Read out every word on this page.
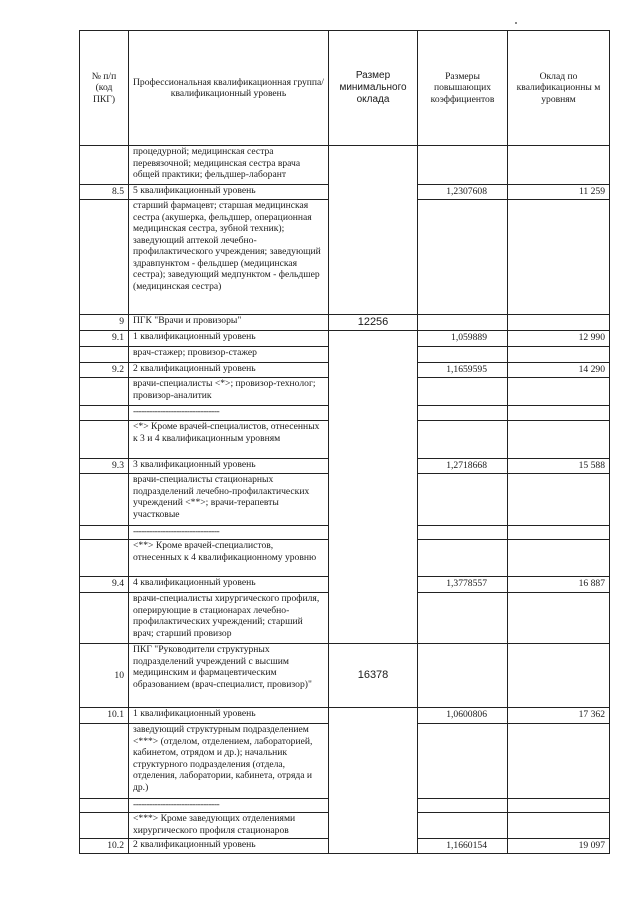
№ п/п (код ПКГ)	Профессиональная квалификационная группа/квалификационный уровень	Размер минимального оклада	Размеры повышающих коэффициентов	Оклад по квалификационны м уровням
	процедурной; медицинская сестра перевязочной; медицинская сестра врача общей практики; фельдшер-лаборант			
8.5	5 квалификационный уровень		1,2307608	11 259
	старший фармацевт; старшая медицинская сестра (акушерка, фельдшер, операционная медицинская сестра, зубной техник); заведующий аптекой лечебно-профилактического учреждения; заведующий здравпунктом - фельдшер (медицинская сестра); заведующий медпунктом - фельдшер (медицинская сестра)			
9	ПГК "Врачи и провизоры"	12256		
9.1	1 квалификационный уровень		1,059889	12 990
	врач-стажер; провизор-стажер			
9.2	2 квалификационный уровень		1,1659595	14 290
	врачи-специалисты <*>; провизор-технолог; провизор-аналитик			
	--------------------------------			
	<*> Кроме врачей-специалистов, отнесенных к 3 и 4 квалификационным уровням			
9.3	3 квалификационный уровень		1,2718668	15 588
	врачи-специалисты стационарных подразделений лечебно-профилактических учреждений <**>; врачи-терапевты участковые			
	--------------------------------			
	<**> Кроме врачей-специалистов, отнесенных к 4 квалификационному уровню			
9.4	4 квалификационный уровень		1,3778557	16 887
	врачи-специалисты хирургического профиля, оперирующие в стационарах лечебно-профилактических учреждений; старший врач; старший провизор			
10	ПКГ "Руководители структурных подразделений учреждений с высшим медицинским и фармацевтическим образованием (врач-специалист, провизор)"	16378		
10.1	1 квалификационный уровень		1,0600806	17 362
	заведующий структурным подразделением <***> (отделом, отделением, лабораторией, кабинетом, отрядом и др.); начальник структурного подразделения (отдела, отделения, лаборатории, кабинета, отряда и др.)			
	--------------------------------			
	<***> Кроме заведующих отделениями хирургического профиля стационаров			
10.2	2 квалификационный уровень		1,1660154	19 097
